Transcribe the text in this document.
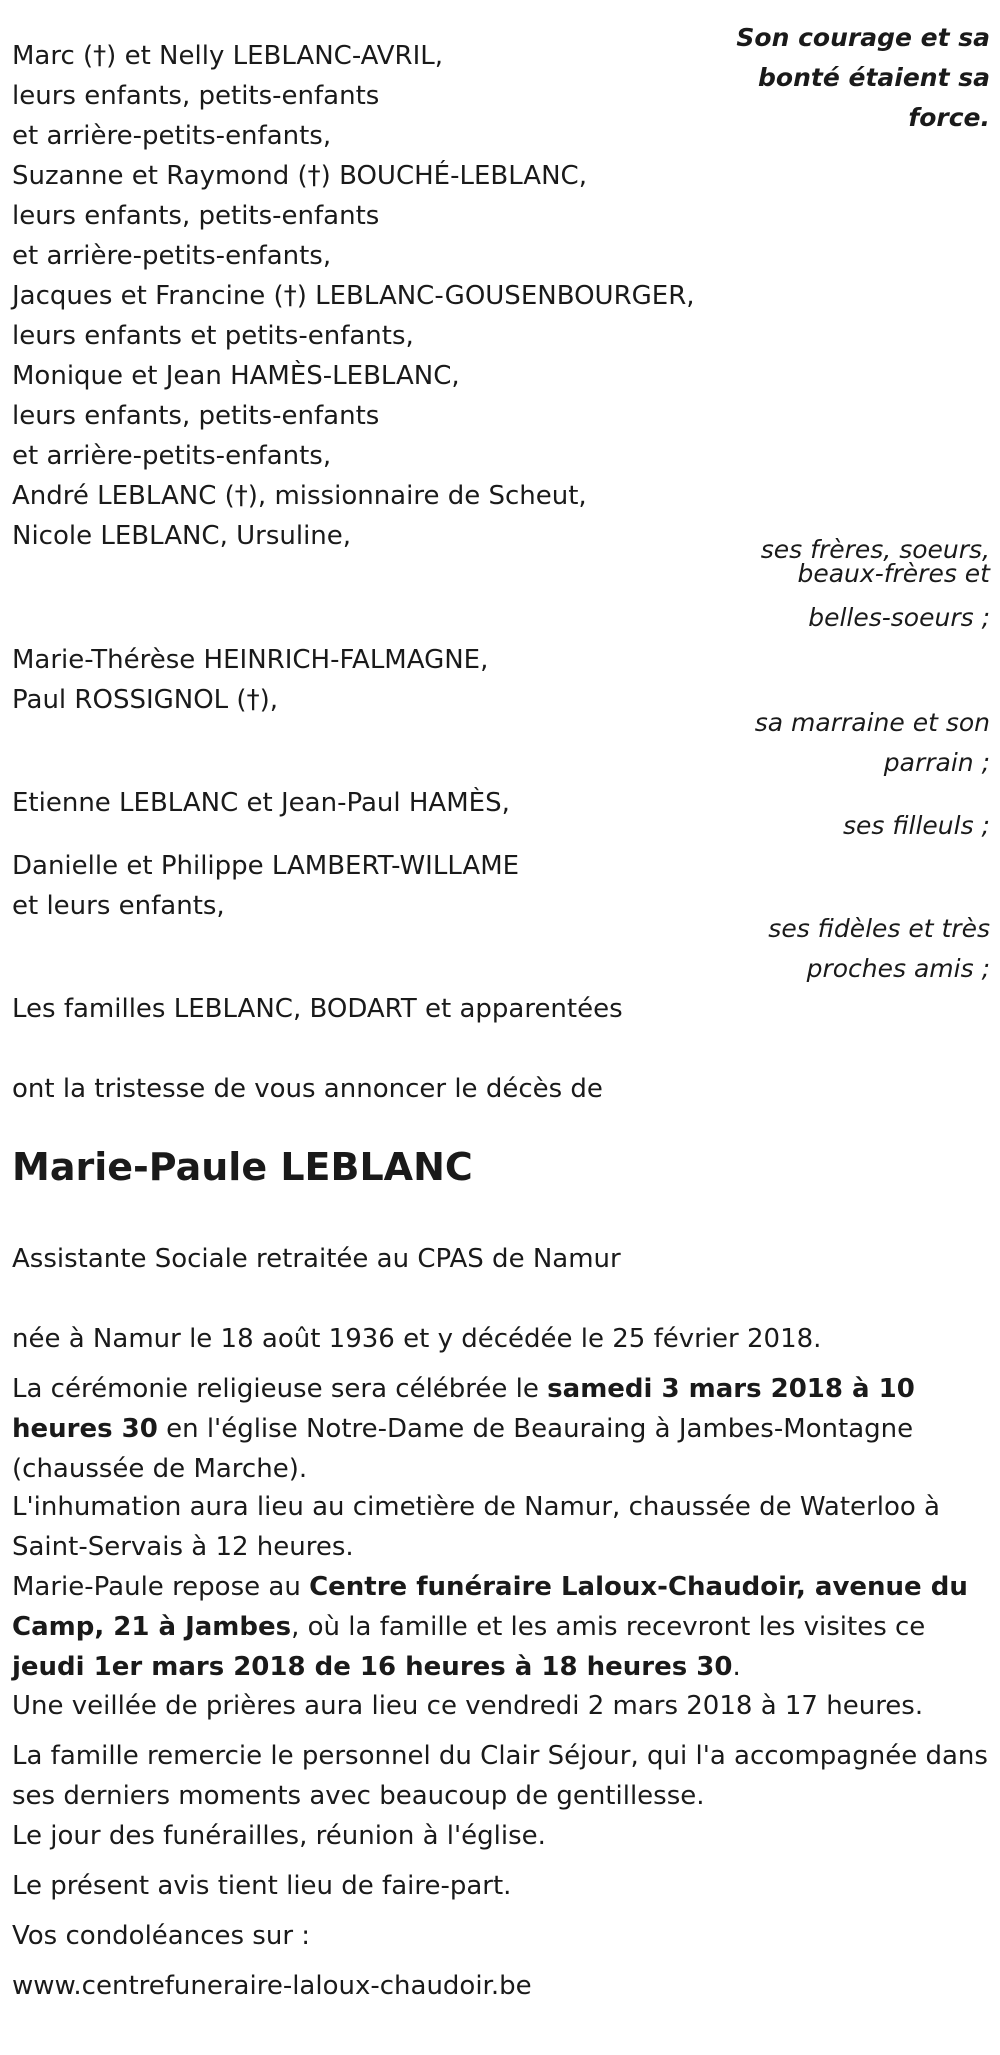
Son courage et sa

bonté étaient sa

force.

Marc (†) et Nelly LEBLANC-AVRIL,

leurs enfants, petits-enfants

et arrière-petits-enfants,

Suzanne et Raymond (†) BOUCHÉ-LEBLANC,

leurs enfants, petits-enfants

et arrière-petits-enfants,

Jacques et Francine (†) LEBLANC-GOUSENBOURGER,

leurs enfants et petits-enfants,

Monique et Jean HAMÈS-LEBLANC,

leurs enfants, petits-enfants

et arrière-petits-enfants,

André LEBLANC (†), missionnaire de Scheut,

Nicole LEBLANC, Ursuline,	ses frères, soeurs,

beaux-frères et

belles-soeurs ;

Marie-Thérèse HEINRICH-FALMAGNE,

Paul ROSSIGNOL (†),

sa marraine et son

parrain ;

Etienne LEBLANC et Jean-Paul HAMÈS,

ses filleuls ;

Danielle et Philippe LAMBERT-WILLAME

et leurs enfants,

ses fidèles et très

proches amis ;

Les familles LEBLANC, BODART et apparentées

ont la tristesse de vous annoncer le décès de

Marie-Paule LEBLANC

Assistante Sociale retraitée au CPAS de Namur

née à Namur le 18 août 1936 et y décédée le 25 février 2018.

La cérémonie religieuse sera célébrée le samedi 3 mars 2018 à 10 heures 30 en l'église Notre-Dame de Beauraing à Jambes-Montagne (chaussée de Marche).

L'inhumation aura lieu au cimetière de Namur, chaussée de Waterloo à Saint-Servais à 12 heures.

Marie-Paule repose au Centre funéraire Laloux-Chaudoir, avenue du Camp, 21 à Jambes, où la famille et les amis recevront les visites ce jeudi 1er mars 2018 de 16 heures à 18 heures 30.

Une veillée de prières aura lieu ce vendredi 2 mars 2018 à 17 heures.

La famille remercie le personnel du Clair Séjour, qui l'a accompagnée dans ses derniers moments avec beaucoup de gentillesse.

Le jour des funérailles, réunion à l'église.

Le présent avis tient lieu de faire-part.

Vos condoléances sur :

www.centrefuneraire-laloux-chaudoir.be
